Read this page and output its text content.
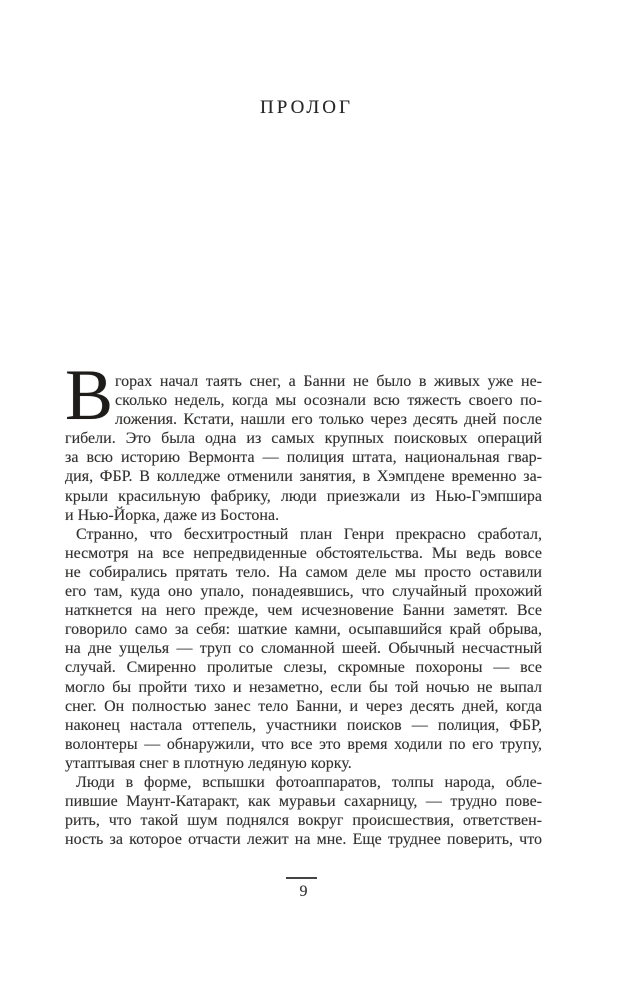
ПРОЛОГ
В горах начал таять снег, а Банни не было в живых уже не-
сколько недель, когда мы осознали всю тяжесть своего по-
ложения. Кстати, нашли его только через десять дней после
гибели. Это была одна из самых крупных поисковых операций
за всю историю Вермонта — полиция штата, национальная гвар-
дия, ФБР. В колледже отменили занятия, в Хэмпдене временно за-
крыли красильную фабрику, люди приезжали из Нью-Гэмпшира
и Нью-Йорка, даже из Бостона.
Странно, что бесхитростный план Генри прекрасно сработал,
несмотря на все непредвиденные обстоятельства. Мы ведь вовсе
не собирались прятать тело. На самом деле мы просто оставили
его там, куда оно упало, понадеявшись, что случайный прохожий
наткнется на него прежде, чем исчезновение Банни заметят. Все
говорило само за себя: шаткие камни, осыпавшийся край обрыва,
на дне ущелья — труп со сломанной шеей. Обычный несчастный
случай. Смиренно пролитые слезы, скромные похороны — все
могло бы пройти тихо и незаметно, если бы той ночью не выпал
снег. Он полностью занес тело Банни, и через десять дней, когда
наконец настала оттепель, участники поисков — полиция, ФБР,
волонтеры — обнаружили, что все это время ходили по его трупу,
утаптывая снег в плотную ледяную корку.
Люди в форме, вспышки фотоаппаратов, толпы народа, обле-
пившие Маунт-Катаракт, как муравьи сахарницу, — трудно пове-
рить, что такой шум поднялся вокруг происшествия, ответствен-
ность за которое отчасти лежит на мне. Еще труднее поверить, что
9
